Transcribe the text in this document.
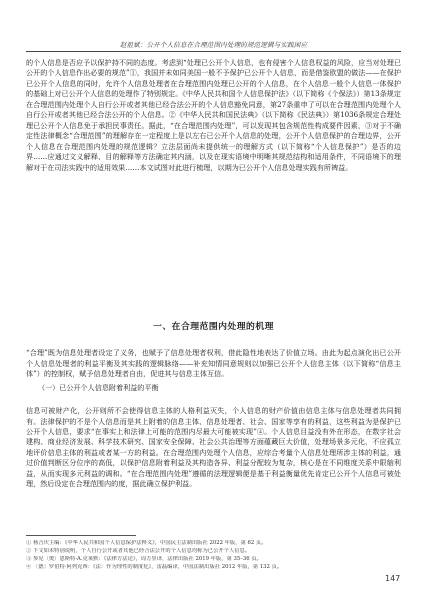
赵祖斌：公开个人信息在合理范围内处理的规范逻辑与实践困应

的个人信息是否应予以保护持不同的态度。考虑到“处理已公开个人信息，也有侵害个人信息权益的风险，应当对处理已公开的个人信息作出必要的规范”①，我国并未如同美国一般不予保护已公开个人信息，而是借鉴欧盟的做法——在保护已公开个人信息的同时，允许个人信息处理者在合理范围内处理已公开的个人信息，在个人信息一般个人信息一体保护的基础上对已公开个人信息的处理作了特别规定。《中华人民共和国个人信息保护法》（以下简称《个保法》）第13条规定在合理范围内处理个人自行公开或者其他已经合法公开的个人信息豁免同意，第27条重申了可以在合理范围内处理个人自行公开或者其他已经合法公开的个人信息。②《中华人民共和国民法典》（以下简称《民法典》）第1036条规定合理处理已公开个人信息免于承担民事责任。据此，“在合理范围内处理”，可以发现其包含规范性构成要件因素，③对于不确定性法律概念“合理范围”的理解存在一定程度上是以左右已公开个人信息的处理，公开个人信息保护的合理边界，公开个人信息在合理范围内处理的规范逻辑？立法层面尚未提供统一的理解方式（以下简称“个人信息保护”）是否的边界……应通过文义解释、目的解释等方法确定其内涵，以及在现实语境中明晰其规范结构和适用条件，不同语境下的理解对于在司法实践中的适用效果……本文试图对此进行梳理，以期为已公开个人信息处理实践有所裨益。

一、在合理范围内处理的机理

“合理”既为信息处理者设定了义务，也赋予了信息处理者权利，借此隐性地表达了价值立场。由此为起点演化出已公开个人信息处理者的利益平衡及其实践的逻辑脉络——补充知情同意规则以加强已公开个人信息主体（以下简称“信息主体”）的控制权，赋予信息处理者自由，促进其与信息主体互信。

（一）已公开个人信息附着利益的平衡

信息可被财产化，公开则所不会使得信息主体的人格利益灭失，个人信息的财产价值由信息主体与信息处理者共同拥有。法律保护的不是个人信息而是其上附着的信息主体、信息处理者、社会、国家等享有的利益，这些利益为是保护已公开个人信息，要求“在事实上和法律上可能的范围内尽最大可能被实现”④。个人信息目益没有外在形态，在数字社会建构、商业经济发展、科学技术研究、国家安全保障、社会公共治理等方面蕴藏巨大价值，处理场景多元化，不应孤立地评价信息主体的利益或者某一方的利益。在合理范围内处理个人信息，应综合考量个人信息处理所涉主体的利益，通过价值判断区分位序的高低，以保护信息附着利益及其构造各异、利益分配较为复杂，核心是在不同维度关系中限缩利益，从而实现多元利益的调和。“在合理范围内处理”遵循的法理逻辑便是基于利益衡量优先肯定已公开个人信息可被处理，然后设定在合理范围内的度，据此确立保护利益。

① 杨合庆主编：《中华人民共和国个人信息保护法释义》，中国民主法制出版社 2022 年版，第 62 页。
② 下文如未特别说明，个人自行公开或者其他已经合法公开的个人信息均称为已公开个人信息。
③ 参见〔奥〕恩斯特·A.克莱默：《法律方法论》，周万里译，法律出版社 2019 年版，第 35–36 页。
④ 〔德〕罗伯特·阿列克西：《法：作为理性的制度化》，雷磊编译，中国法制出版社 2012 年版，第 132 页。
147
